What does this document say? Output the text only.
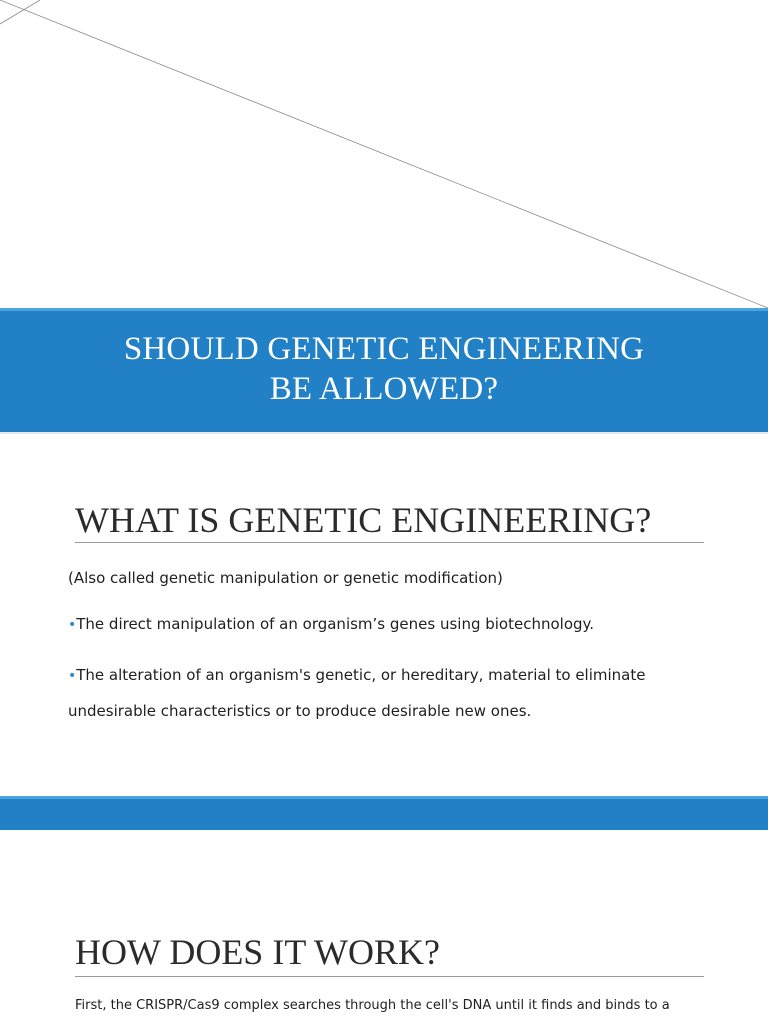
SHOULD GENETIC ENGINEERING
BE ALLOWED?
WHAT IS GENETIC ENGINEERING?
(Also called genetic manipulation or genetic modification)
•The direct manipulation of an organism’s genes using biotechnology.
•The alteration of an organism's genetic, or hereditary, material to eliminate undesirable characteristics or to produce desirable new ones.
HOW DOES IT WORK?
First, the CRISPR/Cas9 complex searches through the cell's DNA until it finds and binds to a
